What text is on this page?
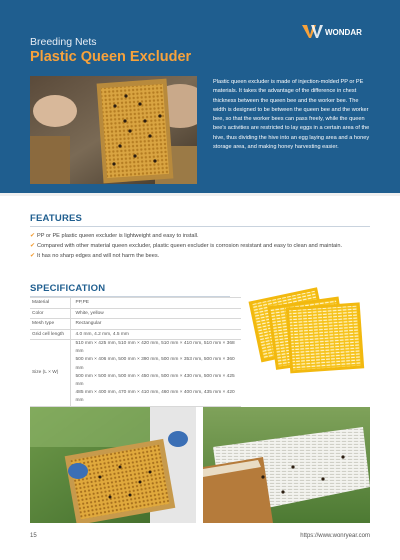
Breeding Nets
Plastic Queen Excluder
WONDAR
Plastic queen excluder is made of injection-molded PP or PE materials. It takes the advantage of the difference in chest thickness between the queen bee and the worker bee. The width is designed to be between the queen bee and the worker bee, so that the worker bees can pass freely, while the queen bee's activities are restricted to lay eggs in a certain area of the hive, thus dividing the hive into an egg laying area and a honey storage area, and making honey harvesting easier.
FEATURES
✔ PP or PE plastic queen excluder is lightweight and easy to install.
✔ Compared with other material queen excluder, plastic queen excluder is corrosion resistant and easy to clean and maintain.
✔ It has no sharp edges and will not harm the bees.
SPECIFICATION
Material	PP,PE
Color	White, yellow
Mesh type	Rectangular
Grid cell length	4.0 mm, 4.2 mm, 4.5 mm
Size (L × W)	510 mm × 425 mm, 510 mm × 420 mm, 510 mm × 410 mm, 510 mm × 368 mm
500 mm × 406 mm, 500 mm × 390 mm, 500 mm × 353 mm, 500 mm × 360 mm
500 mm × 500 mm, 500 mm × 450 mm, 500 mm × 430 mm, 500 mm × 425 mm
485 mm × 400 mm, 470 mm × 410 mm, 460 mm × 400 mm, 435 mm × 420 mm
15	https://www.wonryear.com
